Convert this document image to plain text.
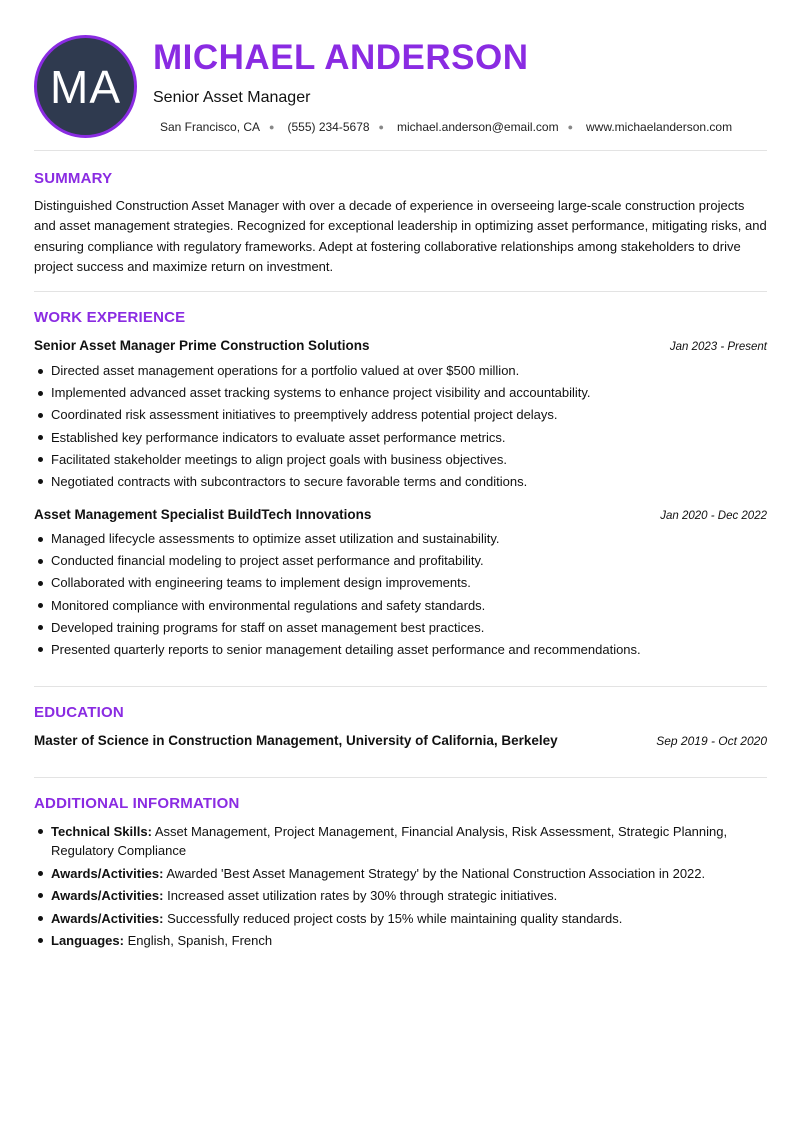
MA
MICHAEL ANDERSON
Senior Asset Manager
San Francisco, CA ● (555) 234-5678 ● michael.anderson@email.com ● www.michaelanderson.com
SUMMARY
Distinguished Construction Asset Manager with over a decade of experience in overseeing large-scale construction projects and asset management strategies. Recognized for exceptional leadership in optimizing asset performance, mitigating risks, and ensuring compliance with regulatory frameworks. Adept at fostering collaborative relationships among stakeholders to drive project success and maximize return on investment.
WORK EXPERIENCE
Senior Asset Manager Prime Construction Solutions	Jan 2023 - Present
Directed asset management operations for a portfolio valued at over $500 million.
Implemented advanced asset tracking systems to enhance project visibility and accountability.
Coordinated risk assessment initiatives to preemptively address potential project delays.
Established key performance indicators to evaluate asset performance metrics.
Facilitated stakeholder meetings to align project goals with business objectives.
Negotiated contracts with subcontractors to secure favorable terms and conditions.
Asset Management Specialist BuildTech Innovations	Jan 2020 - Dec 2022
Managed lifecycle assessments to optimize asset utilization and sustainability.
Conducted financial modeling to project asset performance and profitability.
Collaborated with engineering teams to implement design improvements.
Monitored compliance with environmental regulations and safety standards.
Developed training programs for staff on asset management best practices.
Presented quarterly reports to senior management detailing asset performance and recommendations.
EDUCATION
Master of Science in Construction Management, University of California, Berkeley	Sep 2019 - Oct 2020
ADDITIONAL INFORMATION
Technical Skills: Asset Management, Project Management, Financial Analysis, Risk Assessment, Strategic Planning, Regulatory Compliance
Awards/Activities: Awarded 'Best Asset Management Strategy' by the National Construction Association in 2022.
Awards/Activities: Increased asset utilization rates by 30% through strategic initiatives.
Awards/Activities: Successfully reduced project costs by 15% while maintaining quality standards.
Languages: English, Spanish, French
